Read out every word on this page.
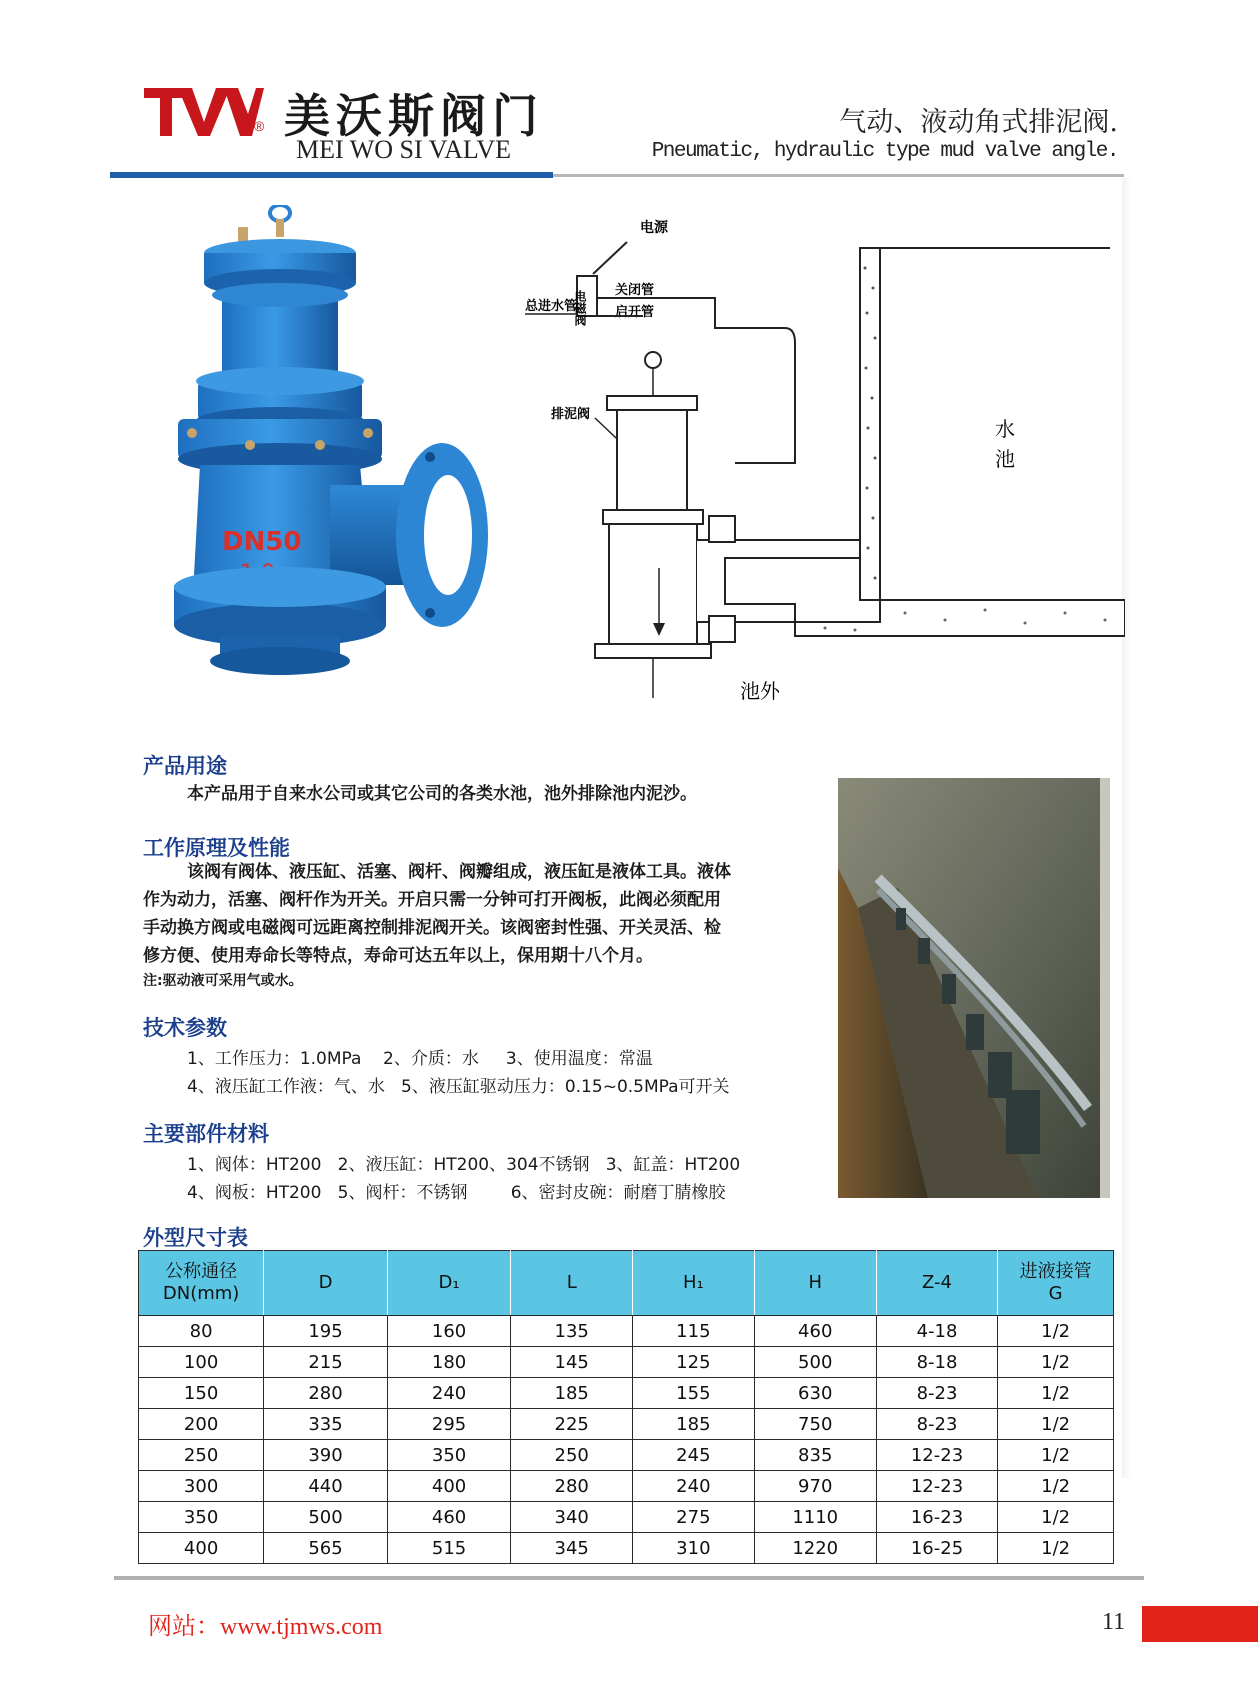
® 美沃斯阀门
MEI WO SI VALVE
气动、液动角式排泥阀.
Pneumatic, hydraulic type mud valve angle.
DN50
水
池
电源
电磁阀
总进水管
关闭管
启开管
排泥阀
池外
产品用途
本产品用于自来水公司或其它公司的各类水池，池外排除池内泥沙。
工作原理及性能
该阀有阀体、液压缸、活塞、阀杆、阀瓣组成，液压缸是液体工具。液体
作为动力，活塞、阀杆作为开关。开启只需一分钟可打开阀板，此阀必须配用
手动换方阀或电磁阀可远距离控制排泥阀开关。该阀密封性强、开关灵活、检
修方便、使用寿命长等特点，寿命可达五年以上，保用期十八个月。
注:驱动液可采用气或水。
技术参数
1、工作压力：1.0MPa    2、介质：水     3、使用温度：常温
4、液压缸工作液：气、水   5、液压缸驱动压力：0.15~0.5MPa可开关
主要部件材料
1、阀体：HT200   2、液压缸：HT200、304不锈钢   3、缸盖：HT200
4、阀板：HT200   5、阀杆：不锈钢        6、密封皮碗：耐磨丁腈橡胶
外型尺寸表
公称通径
DN(mm)	D	D₁	L	H₁	H	Z-4	进液接管
G
80	195	160	135	115	460	4-18	1/2
100	215	180	145	125	500	8-18	1/2
150	280	240	185	155	630	8-23	1/2
200	335	295	225	185	750	8-23	1/2
250	390	350	250	245	835	12-23	1/2
300	440	400	280	240	970	12-23	1/2
350	500	460	340	275	1110	16-23	1/2
400	565	515	345	310	1220	16-25	1/2
网站：www.tjmws.com	11
